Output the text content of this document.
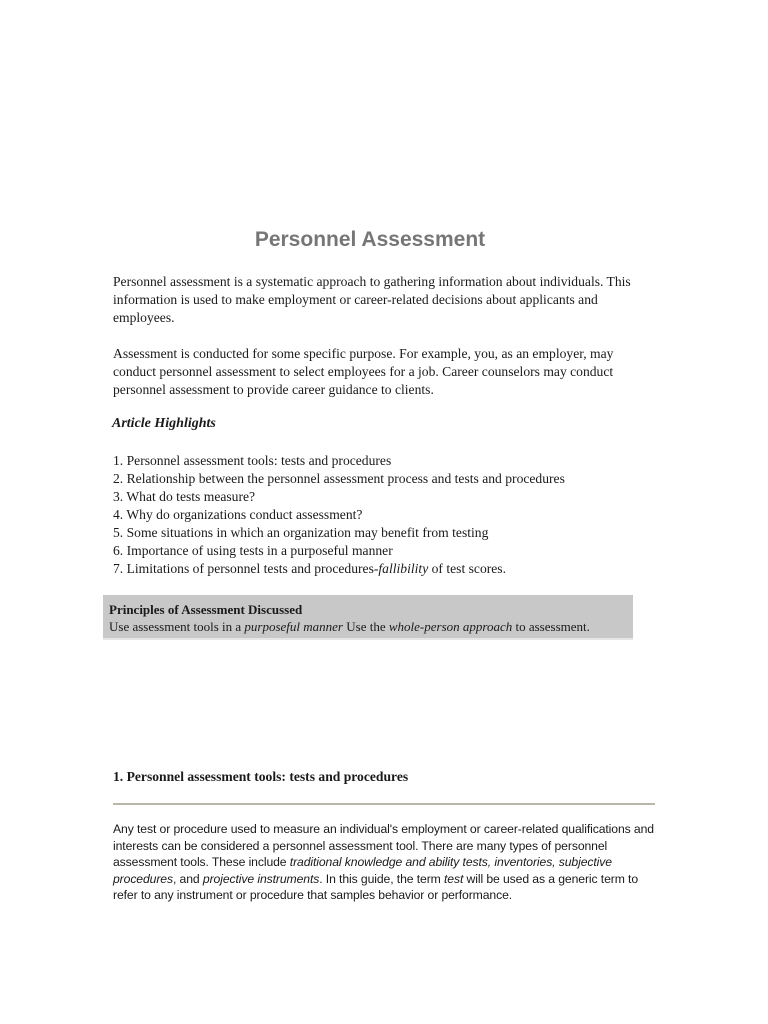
Personnel Assessment

Personnel assessment is a systematic approach to gathering information about individuals. This information is used to make employment or career-related decisions about applicants and employees.

Assessment is conducted for some specific purpose. For example, you, as an employer, may conduct personnel assessment to select employees for a job. Career counselors may conduct personnel assessment to provide career guidance to clients.

Article Highlights

1. Personnel assessment tools: tests and procedures
2. Relationship between the personnel assessment process and tests and procedures
3. What do tests measure?
4. Why do organizations conduct assessment?
5. Some situations in which an organization may benefit from testing
6. Importance of using tests in a purposeful manner
7. Limitations of personnel tests and procedures-fallibility of test scores.
Principles of Assessment Discussed
Use assessment tools in a purposeful manner Use the whole-person approach to assessment.
1. Personnel assessment tools: tests and procedures

Any test or procedure used to measure an individual's employment or career-related qualifications and interests can be considered a personnel assessment tool. There are many types of personnel assessment tools. These include traditional knowledge and ability tests, inventories, subjective procedures, and projective instruments. In this guide, the term test will be used as a generic term to refer to any instrument or procedure that samples behavior or performance.
